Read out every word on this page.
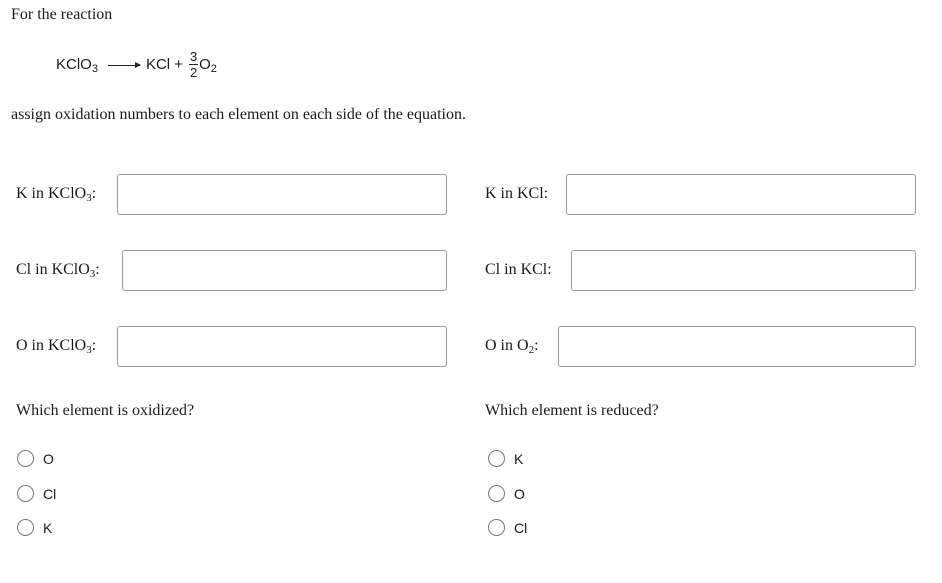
For the reaction
KClO$_3$ → KCl + $\frac{3}{2} O_2$
assign oxidation numbers to each element on each side of the equation.
K in KClO$_3$:
Cl in KClO$_3$:
O in KClO$_3$:
K in KCl:
Cl in KCl:
O in $O_2$:
Which element is oxidized?
O
Cl
K
Which element is reduced?
K
O
Cl
